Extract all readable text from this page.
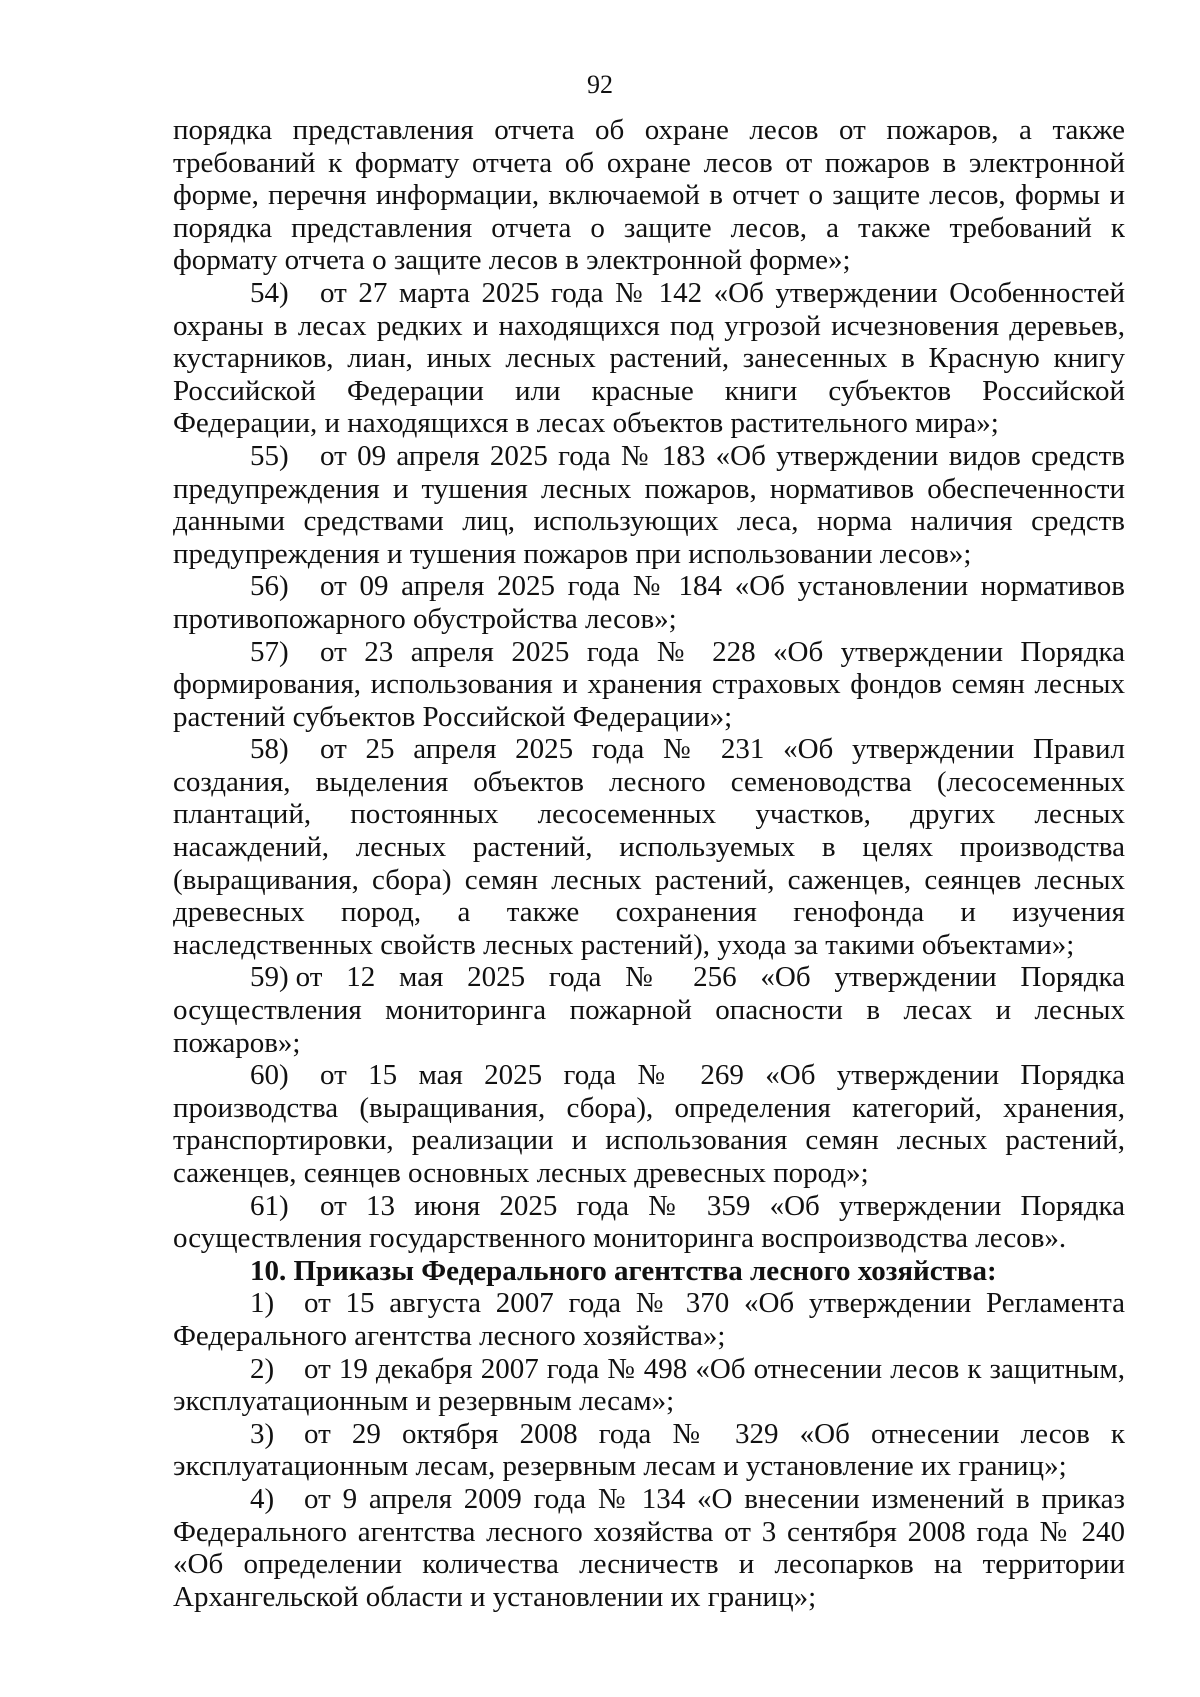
92

порядка представления отчета об охране лесов от пожаров, а также требований к формату отчета об охране лесов от пожаров в электронной форме, перечня информации, включаемой в отчет о защите лесов, формы и порядка представления отчета о защите лесов, а также требований к формату отчета о защите лесов в электронной форме»;

54) от 27 марта 2025 года № 142 «Об утверждении Особенностей охраны в лесах редких и находящихся под угрозой исчезновения деревьев, кустарников, лиан, иных лесных растений, занесенных в Красную книгу Российской Федерации или красные книги субъектов Российской Федерации, и находящихся в лесах объектов растительного мира»;

55) от 09 апреля 2025 года № 183 «Об утверждении видов средств предупреждения и тушения лесных пожаров, нормативов обеспеченности данными средствами лиц, использующих леса, норма наличия средств предупреждения и тушения пожаров при использовании лесов»;

56) от 09 апреля 2025 года № 184 «Об установлении нормативов противопожарного обустройства лесов»;

57) от 23 апреля 2025 года № 228 «Об утверждении Порядка формирования, использования и хранения страховых фондов семян лесных растений субъектов Российской Федерации»;

58) от 25 апреля 2025 года № 231 «Об утверждении Правил создания, выделения объектов лесного семеноводства (лесосеменных плантаций, постоянных лесосеменных участков, других лесных насаждений, лесных растений, используемых в целях производства (выращивания, сбора) семян лесных растений, саженцев, сеянцев лесных древесных пород, а также сохранения генофонда и изучения наследственных свойств лесных растений), ухода за такими объектами»;

59) от 12 мая 2025 года № 256 «Об утверждении Порядка осуществления мониторинга пожарной опасности в лесах и лесных пожаров»;

60) от 15 мая 2025 года № 269 «Об утверждении Порядка производства (выращивания, сбора), определения категорий, хранения, транспортировки, реализации и использования семян лесных растений, саженцев, сеянцев основных лесных древесных пород»;

61) от 13 июня 2025 года № 359 «Об утверждении Порядка осуществления государственного мониторинга воспроизводства лесов».

10. Приказы Федерального агентства лесного хозяйства:

1) от 15 августа 2007 года № 370 «Об утверждении Регламента Федерального агентства лесного хозяйства»;

2) от 19 декабря 2007 года № 498 «Об отнесении лесов к защитным, эксплуатационным и резервным лесам»;

3) от 29 октября 2008 года № 329 «Об отнесении лесов к эксплуатационным лесам, резервным лесам и установление их границ»;

4) от 9 апреля 2009 года № 134 «О внесении изменений в приказ Федерального агентства лесного хозяйства от 3 сентября 2008 года № 240 «Об определении количества лесничеств и лесопарков на территории Архангельской области и установлении их границ»;
